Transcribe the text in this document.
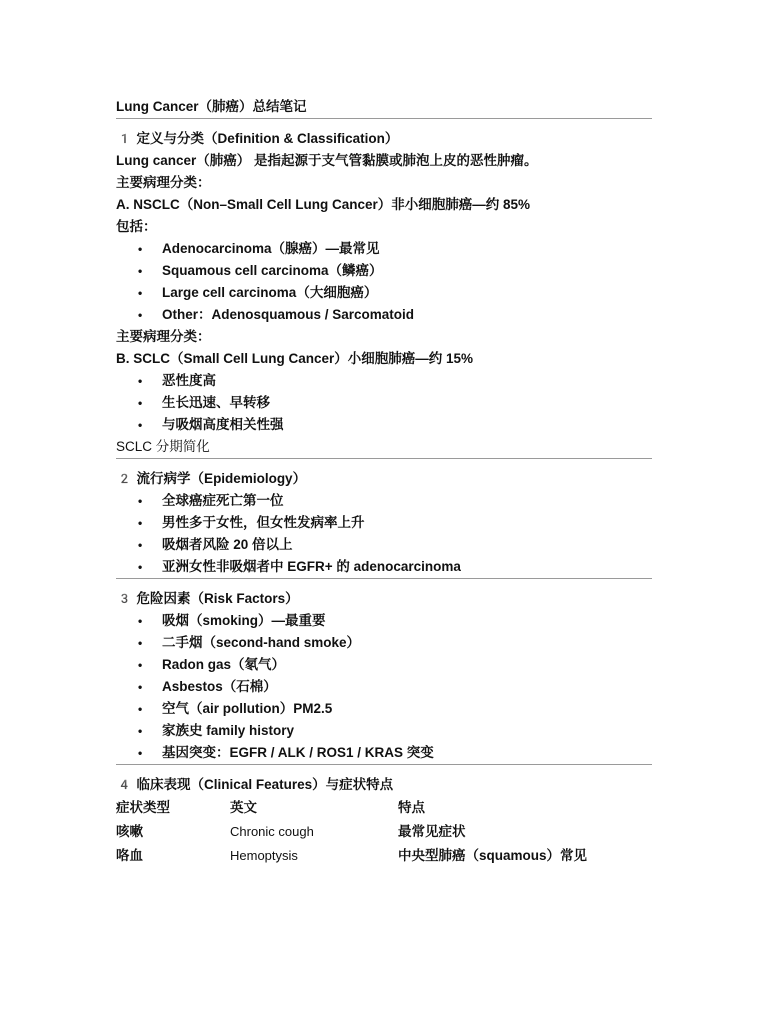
Lung Cancer（肺癌）总结笔记
1️ 定义与分类（Definition & Classification）
Lung cancer（肺癌） 是指起源于支气管黏膜或肺泡上皮的恶性肿瘤。
主要病理分类：
A. NSCLC（Non–Small Cell Lung Cancer）非小细胞肺癌—约 85%
包括：
• Adenocarcinoma（腺癌）—最常见
• Squamous cell carcinoma（鳞癌）
• Large cell carcinoma（大细胞癌）
• Other：Adenosquamous / Sarcomatoid
主要病理分类：
B. SCLC（Small Cell Lung Cancer）小细胞肺癌—约 15%
• 恶性度高
• 生长迅速、早转移
• 与吸烟高度相关性强
SCLC 分期简化
2️ 流行病学（Epidemiology）
• 全球癌症死亡第一位
• 男性多于女性，但女性发病率上升
• 吸烟者风险 20 倍以上
• 亚洲女性非吸烟者中 EGFR+ 的 adenocarcinoma
3️ 危险因素（Risk Factors）
• 吸烟（smoking）—最重要
• 二手烟（second-hand smoke）
• Radon gas（氡气）
• Asbestos（石棉）
• 空气（air pollution）PM2.5
• 家族史 family history
• 基因突变：EGFR / ALK / ROS1 / KRAS 突变
4️ 临床表现（Clinical Features）与症状特点
症状类型	英文	特点
咳嗽	Chronic cough	最常见症状
咯血	Hemoptysis	中央型肺癌（squamous）常见
